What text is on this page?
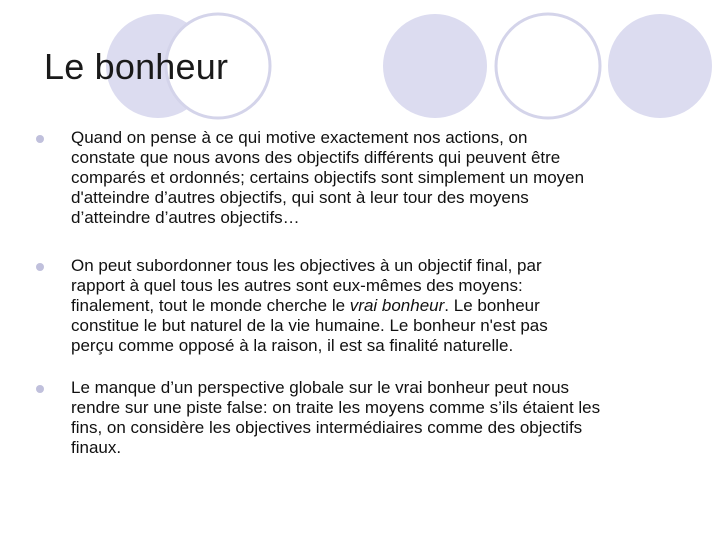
Le bonheur
Quand on pense à ce qui motive exactement nos actions, on
constate que nous avons des objectifs différents qui peuvent être
comparés et ordonnés; certains objectifs sont simplement un moyen
d'atteindre d’autres objectifs, qui sont à leur tour des moyens
d’atteindre d’autres objectifs…
On peut subordonner tous les objectives à un objectif final, par
rapport à quel tous les autres sont eux-mêmes des moyens:
finalement, tout le monde cherche le vrai bonheur. Le bonheur
constitue le but naturel de la vie humaine. Le bonheur n'est pas
perçu comme opposé à la raison, il est sa finalité naturelle.
Le manque d’un perspective globale sur le vrai bonheur peut nous
rendre sur une piste false: on traite les moyens comme s’ils étaient les
fins, on considère les objectives intermédiaires comme des objectifs
finaux.
